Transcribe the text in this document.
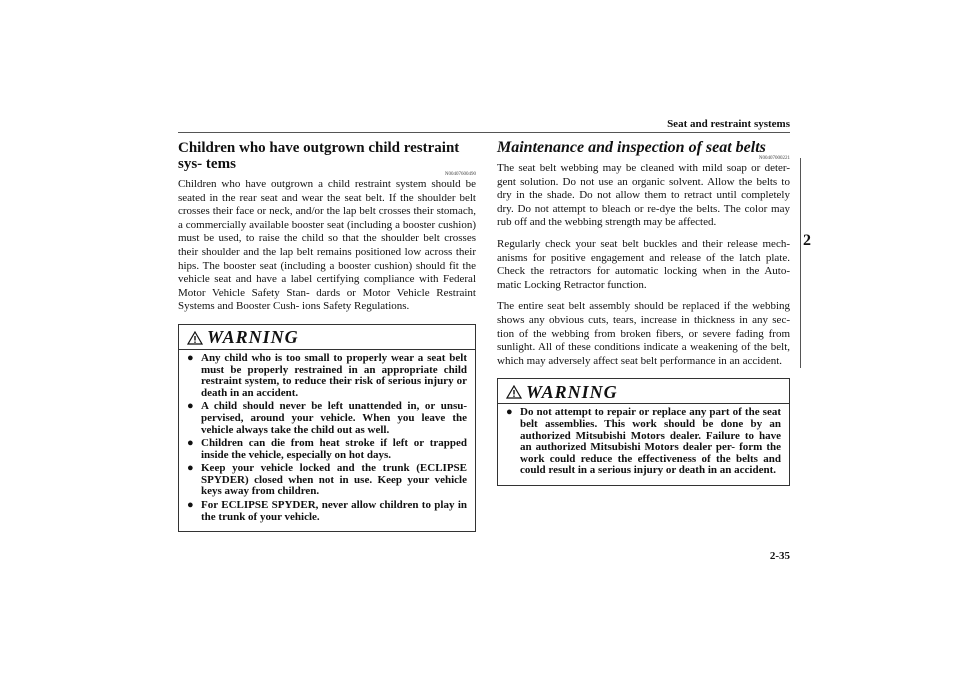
Seat and restraint systems
2
Children who have outgrown child restraint sys- tems
N00407600490

Children who have outgrown a child restraint system should be seated in the rear seat and wear the seat belt. If the shoulder belt crosses their face or neck, and/or the lap belt crosses their stomach, a commercially available booster seat (including a booster cushion) must be used, to raise the child so that the shoulder belt crosses their shoulder and the lap belt remains positioned low across their hips. The booster seat (including a booster cushion) should fit the vehicle seat and have a label certifying compliance with Federal Motor Vehicle Safety Stan- dards or Motor Vehicle Restraint Systems and Booster Cush- ions Safety Regulations.

WARNING
● Any child who is too small to properly wear a seat belt must be properly restrained in an appropriate child restraint system, to reduce their risk of serious injury or death in an accident.
● A child should never be left unattended in, or unsu- pervised, around your vehicle. When you leave the vehicle always take the child out as well.
● Children can die from heat stroke if left or trapped inside the vehicle, especially on hot days.
● Keep your vehicle locked and the trunk (ECLIPSE SPYDER) closed when not in use. Keep your vehicle keys away from children.
● For ECLIPSE SPYDER, never allow children to play in the trunk of your vehicle.
Maintenance and inspection of seat belts
N00407000221

The seat belt webbing may be cleaned with mild soap or deter- gent solution. Do not use an organic solvent. Allow the belts to dry in the shade. Do not allow them to retract until completely dry. Do not attempt to bleach or re-dye the belts. The color may rub off and the webbing strength may be affected.

Regularly check your seat belt buckles and their release mech- anisms for positive engagement and release of the latch plate. Check the retractors for automatic locking when in the Auto- matic Locking Retractor function.

The entire seat belt assembly should be replaced if the webbing shows any obvious cuts, tears, increase in thickness in any sec- tion of the webbing from broken fibers, or severe fading from sunlight. All of these conditions indicate a weakening of the belt, which may adversely affect seat belt performance in an accident.

WARNING
● Do not attempt to repair or replace any part of the seat belt assemblies. This work should be done by an authorized Mitsubishi Motors dealer. Failure to have an authorized Mitsubishi Motors dealer per- form the work could reduce the effectiveness of the belts and could result in a serious injury or death in an accident.
2-35
